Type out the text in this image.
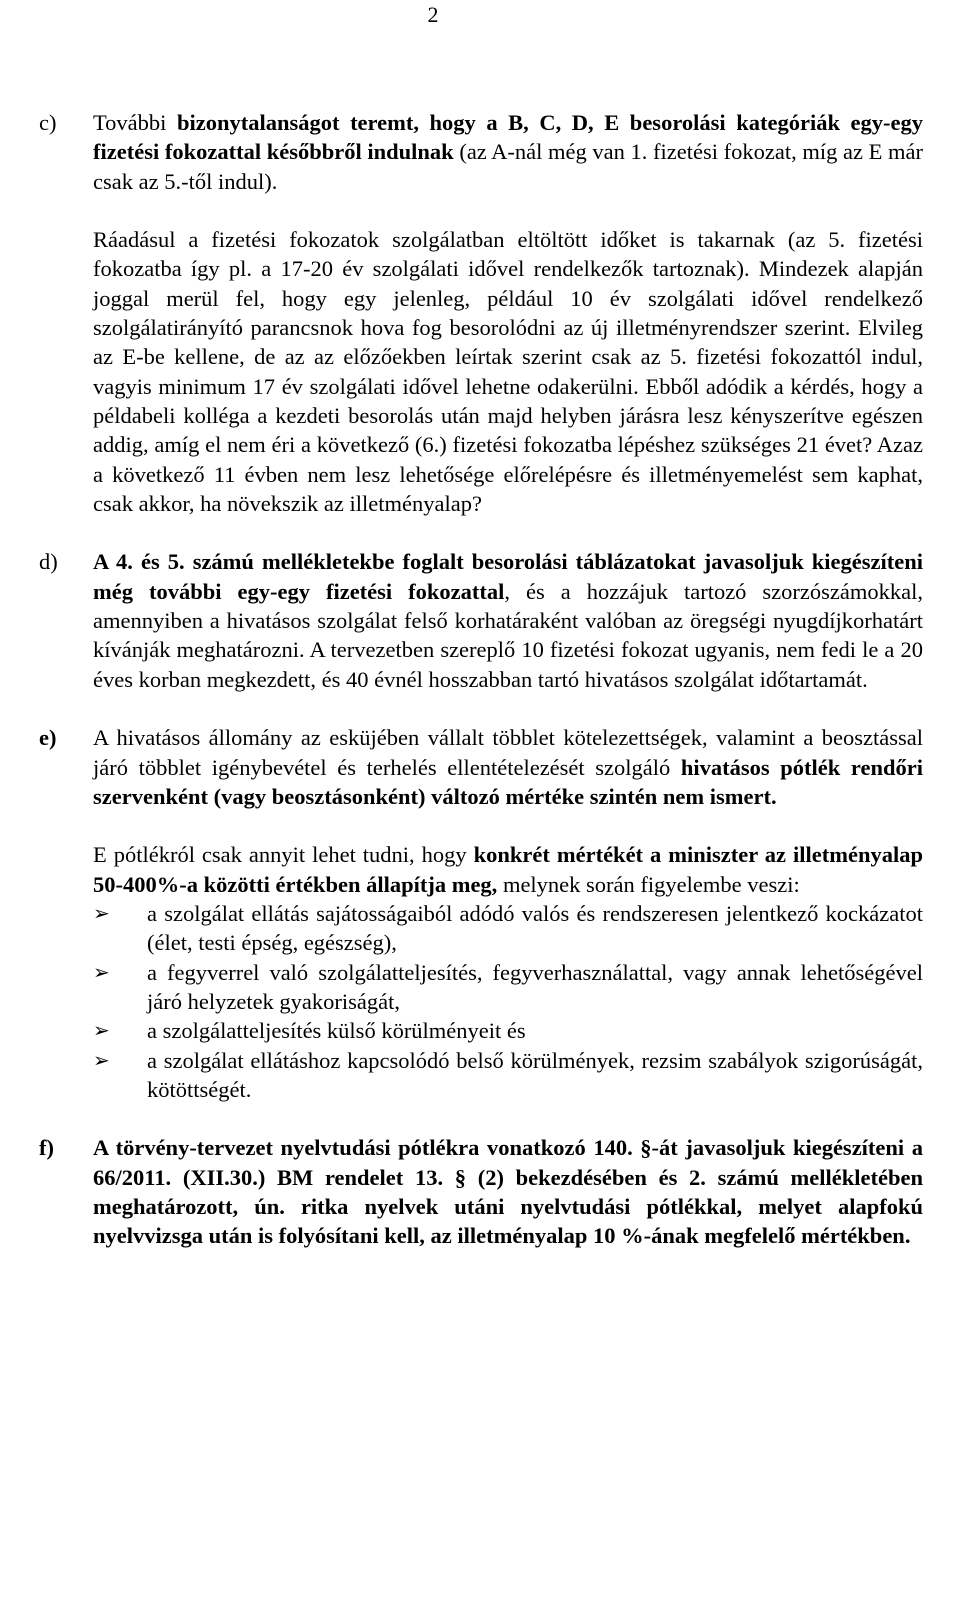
2
c)	További bizonytalanságot teremt, hogy a B, C, D, E besorolási kategóriák egy-egy fizetési fokozattal későbbről indulnak (az A-nál még van 1. fizetési fokozat, míg az E már csak az 5.-től indul).

Ráadásul a fizetési fokozatok szolgálatban eltöltött időket is takarnak (az 5. fizetési fokozatba így pl. a 17-20 év szolgálati idővel rendelkezők tartoznak). Mindezek alapján joggal merül fel, hogy egy jelenleg, például 10 év szolgálati idővel rendelkező szolgálatirányító parancsnok hova fog besorolódni az új illetményrendszer szerint. Elvileg az E-be kellene, de az az előzőekben leírtak szerint csak az 5. fizetési fokozattól indul, vagyis minimum 17 év szolgálati idővel lehetne odakerülni. Ebből adódik a kérdés, hogy a példabeli kolléga a kezdeti besorolás után majd helyben járásra lesz kényszerítve egészen addig, amíg el nem éri a következő (6.) fizetési fokozatba lépéshez szükséges 21 évet? Azaz a következő 11 évben nem lesz lehetősége előrelépésre és illetményemelést sem kaphat, csak akkor, ha növekszik az illetményalap?

d)	A 4. és 5. számú mellékletekbe foglalt besorolási táblázatokat javasoljuk kiegészíteni még további egy-egy fizetési fokozattal, és a hozzájuk tartozó szorzószámokkal, amennyiben a hivatásos szolgálat felső korhatáraként valóban az öregségi nyugdíjkorhatárt kívánják meghatározni. A tervezetben szereplő 10 fizetési fokozat ugyanis, nem fedi le a 20 éves korban megkezdett, és 40 évnél hosszabban tartó hivatásos szolgálat időtartamát.

e)	A hivatásos állomány az esküjében vállalt többlet kötelezettségek, valamint a beosztással járó többlet igénybevétel és terhelés ellentételezését szolgáló hivatásos pótlék rendőri szervenként (vagy beosztásonként) változó mértéke szintén nem ismert.

E pótlékról csak annyit lehet tudni, hogy konkrét mértékét a miniszter az illetményalap 50-400%-a közötti értékben állapítja meg, melynek során figyelembe veszi:

➢	a szolgálat ellátás sajátosságaiból adódó valós és rendszeresen jelentkező kockázatot (élet, testi épség, egészség),
➢	a fegyverrel való szolgálatteljesítés, fegyverhasználattal, vagy annak lehetőségével járó helyzetek gyakoriságát,
➢	a szolgálatteljesítés külső körülményeit és
➢	a szolgálat ellátáshoz kapcsolódó belső körülmények, rezsim szabályok szigorúságát, kötöttségét.
f)	A törvény-tervezet nyelvtudási pótlékra vonatkozó 140. §-át javasoljuk kiegészíteni a 66/2011. (XII.30.) BM rendelet 13. § (2) bekezdésében és 2. számú mellékletében meghatározott, ún. ritka nyelvek utáni nyelvtudási pótlékkal, melyet alapfokú nyelvvizsga után is folyósítani kell, az illetményalap 10 %-ának megfelelő mértékben.
